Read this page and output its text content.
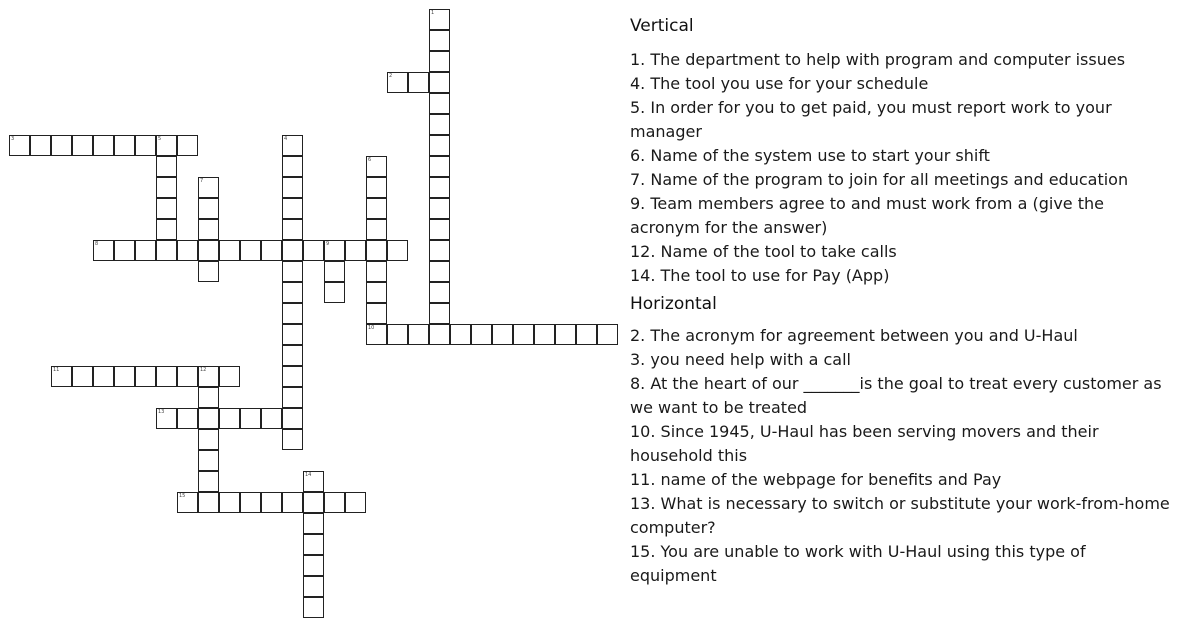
1
2
3	5	4
6
10
7
8	9
11	12
13
14
15
Vertical
1. The department to help with program and computer issues
4. The tool you use for your schedule
5. In order for you to get paid, you must report work to your manager
6. Name of the system use to start your shift
7. Name of the program to join for all meetings and education
9. Team members agree to and must work from a (give the acronym for the answer)
12. Name of the tool to take calls
14. The tool to use for Pay (App)
Horizontal
2. The acronym for agreement between you and U-Haul
3. you need help with a call
8. At the heart of our _______is the goal to treat every customer as we want to be treated
10. Since 1945, U-Haul has been serving movers and their household this
11. name of the webpage for benefits and Pay
13. What is necessary to switch or substitute your work-from-home computer?
15. You are unable to work with U-Haul using this type of equipment
